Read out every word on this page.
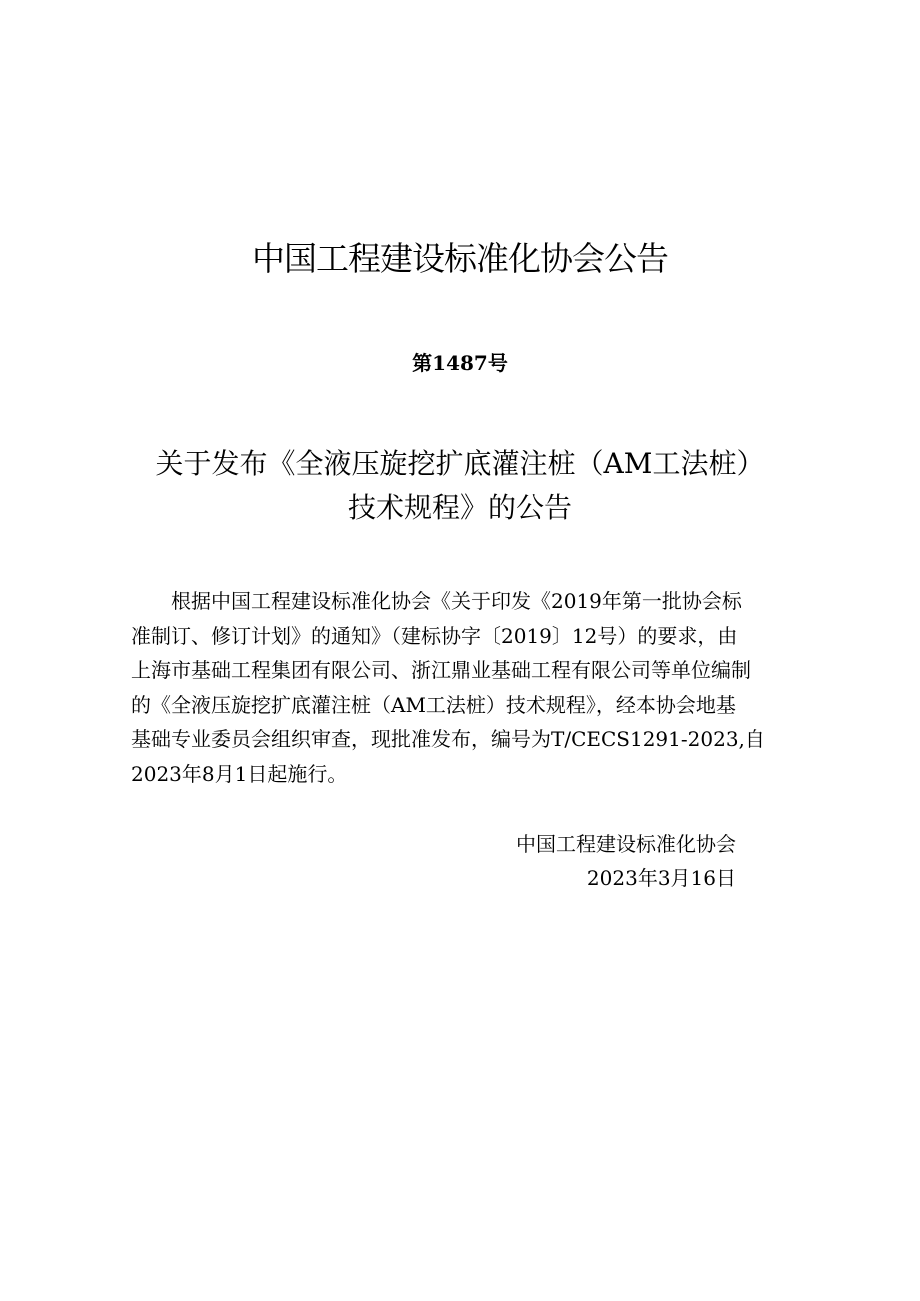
中国工程建设标准化协会公告

第1487号

关于发布《全液压旋挖扩底灌注桩（AM工法桩）
技术规程》的公告
　　根据中国工程建设标准化协会《关于印发《2019年第一批协会标
准制订、修订计划》的通知》（建标协字〔2019〕12号）的要求，由
上海市基础工程集团有限公司、浙江鼎业基础工程有限公司等单位编制
的《全液压旋挖扩底灌注桩（AM工法桩）技术规程》，经本协会地基
基础专业委员会组织审查，现批准发布，编号为T/CECS1291-2023,自
2023年8月1日起施行。
中国工程建设标准化协会
2023年3月16日
